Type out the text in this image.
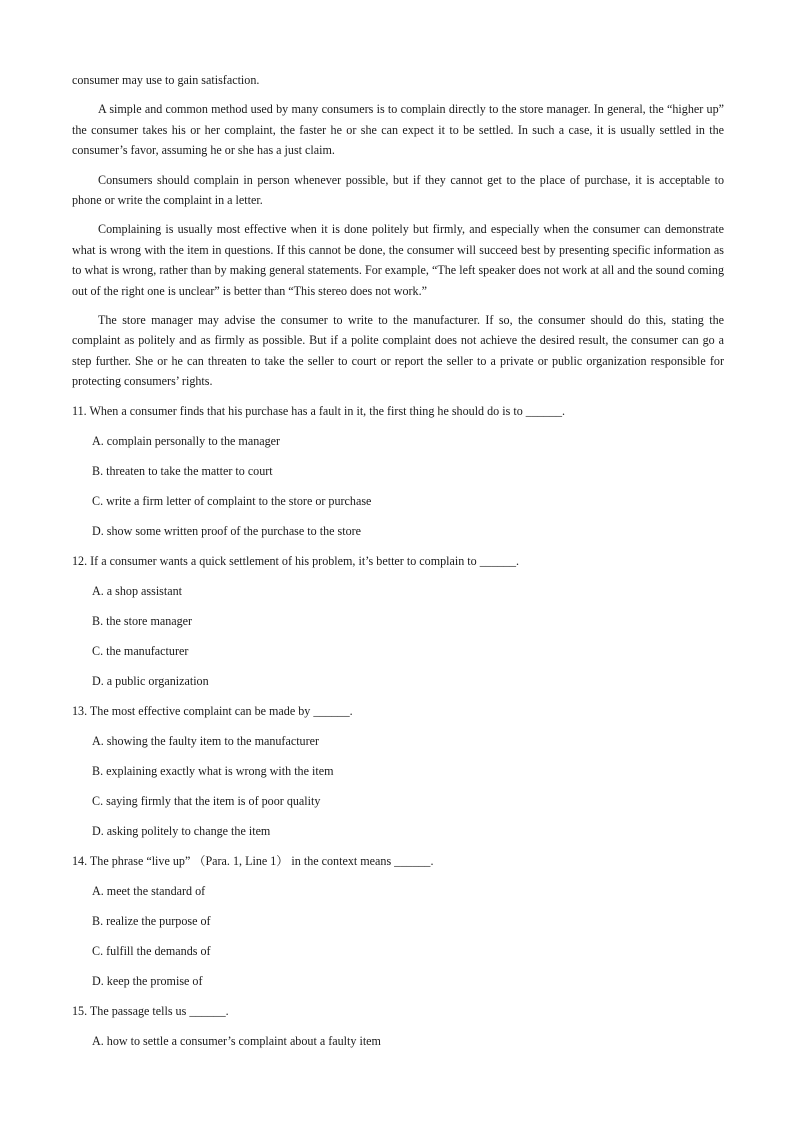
consumer may use to gain satisfaction.

A simple and common method used by many consumers is to complain directly to the store manager. In general, the “higher up” the consumer takes his or her complaint, the faster he or she can expect it to be settled. In such a case, it is usually settled in the consumer’s favor, assuming he or she has a just claim.

Consumers should complain in person whenever possible, but if they cannot get to the place of purchase, it is acceptable to phone or write the complaint in a letter.

Complaining is usually most effective when it is done politely but firmly, and especially when the consumer can demonstrate what is wrong with the item in questions. If this cannot be done, the consumer will succeed best by presenting specific information as to what is wrong, rather than by making general statements. For example, “The left speaker does not work at all and the sound coming out of the right one is unclear” is better than “This stereo does not work.”

The store manager may advise the consumer to write to the manufacturer. If so, the consumer should do this, stating the complaint as politely and as firmly as possible. But if a polite complaint does not achieve the desired result, the consumer can go a step further. She or he can threaten to take the seller to court or report the seller to a private or public organization responsible for protecting consumers’ rights.

11. When a consumer finds that his purchase has a fault in it, the first thing he should do is to ______.

A. complain personally to the manager

B. threaten to take the matter to court

C. write a firm letter of complaint to the store or purchase

D. show some written proof of the purchase to the store

12. If a consumer wants a quick settlement of his problem, it’s better to complain to ______.

A. a shop assistant

B. the store manager

C. the manufacturer

D. a public organization

13. The most effective complaint can be made by ______.

A. showing the faulty item to the manufacturer

B. explaining exactly what is wrong with the item

C. saying firmly that the item is of poor quality

D. asking politely to change the item

14. The phrase “live up” （Para. 1, Line 1） in the context means ______.

A. meet the standard of

B. realize the purpose of

C. fulfill the demands of

D. keep the promise of

15. The passage tells us ______.

A. how to settle a consumer’s complaint about a faulty item
